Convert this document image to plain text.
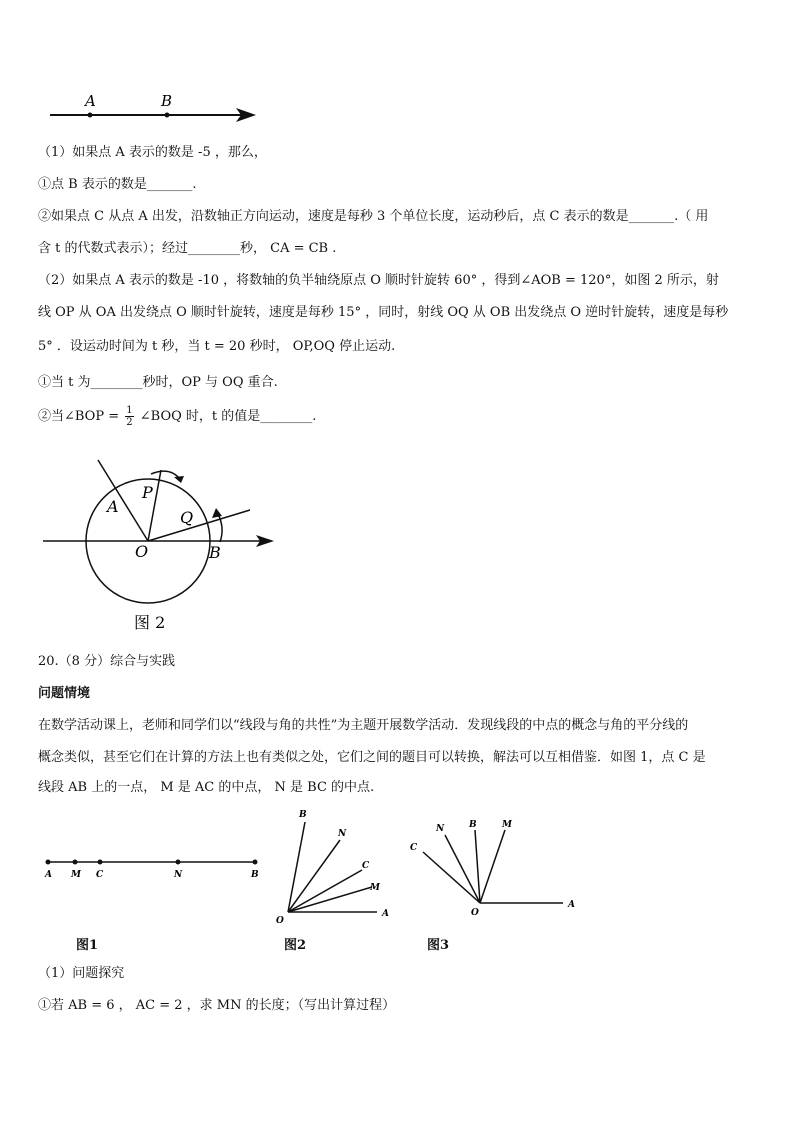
A	B
（1）如果点 A 表示的数是 -5 ，那么，
①点 B 表示的数是_______.
②如果点 C 从点 A 出发，沿数轴正方向运动，速度是每秒 3 个单位长度，运动秒后，点 C 表示的数是_______.（ 用
含 t 的代数式表示）；经过________秒， CA = CB .
（2）如果点 A 表示的数是 -10 ，将数轴的负半轴绕原点 O 顺时针旋转 60° ，得到∠AOB = 120°，如图 2 所示，射
线 OP 从 OA 出发绕点 O 顺时针旋转，速度是每秒 15° ，同时，射线 OQ 从 OB 出发绕点 O 逆时针旋转，速度是每秒
5° ．设运动时间为 t 秒，当 t = 20 秒时， OP,OQ 停止运动.
①当 t 为________秒时，OP 与 OQ 重合.
②当∠BOP = $\frac{1}{2}$ ∠BOQ 时，t 的值是________.
A
P
Q
O	B
图 2
20.（8 分）综合与实践
问题情境
在数学活动课上，老师和同学们以“线段与角的共性”为主题开展数学活动．发现线段的中点的概念与角的平分线的
概念类似，甚至它们在计算的方法上也有类似之处，它们之间的题目可以转换，解法可以互相借鉴．如图 1，点 C 是
线段 AB 上的一点， M 是 AC 的中点， N 是 BC 的中点.
A M C	N	B
B
N
C
M
O
A
N	B	M
C
O
A
图1	图2	图3
（1）问题探究
①若 AB = 6 ， AC = 2 ，求 MN 的长度；（写出计算过程）
